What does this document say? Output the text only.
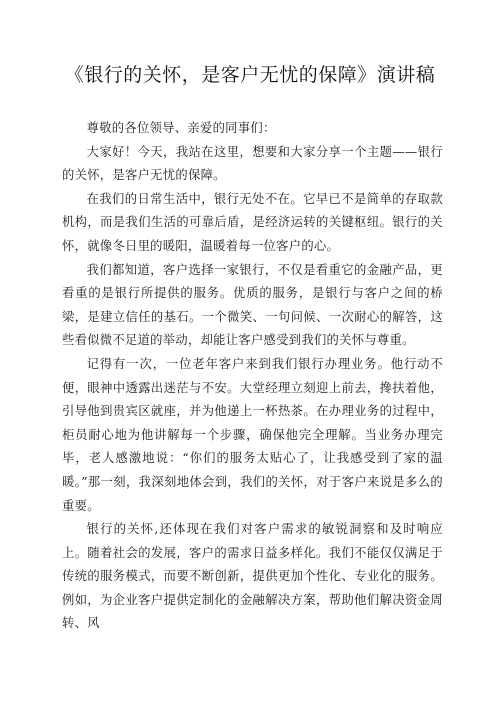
《银行的关怀，是客户无忧的保障》演讲稿

尊敬的各位领导、亲爱的同事们：

大家好！今天，我站在这里，想要和大家分享一个主题——银行的关怀，是客户无忧的保障。

在我们的日常生活中，银行无处不在。它早已不是简单的存取款机构，而是我们生活的可靠后盾，是经济运转的关键枢纽。银行的关怀，就像冬日里的暖阳，温暖着每一位客户的心。

我们都知道，客户选择一家银行，不仅是看重它的金融产品，更看重的是银行所提供的服务。优质的服务，是银行与客户之间的桥梁，是建立信任的基石。一个微笑、一句问候、一次耐心的解答，这些看似微不足道的举动，却能让客户感受到我们的关怀与尊重。

记得有一次，一位老年客户来到我们银行办理业务。他行动不便，眼神中透露出迷茫与不安。大堂经理立刻迎上前去，搀扶着他，引导他到贵宾区就座，并为他递上一杯热茶。在办理业务的过程中，柜员耐心地为他讲解每一个步骤，确保他完全理解。当业务办理完毕，老人感激地说：“你们的服务太贴心了，让我感受到了家的温暖。”那一刻，我深刻地体会到，我们的关怀，对于客户来说是多么的重要。

银行的关怀,还体现在我们对客户需求的敏锐洞察和及时响应上。随着社会的发展，客户的需求日益多样化。我们不能仅仅满足于传统的服务模式，而要不断创新，提供更加个性化、专业化的服务。例如，为企业客户提供定制化的金融解决方案，帮助他们解决资金周转、风
